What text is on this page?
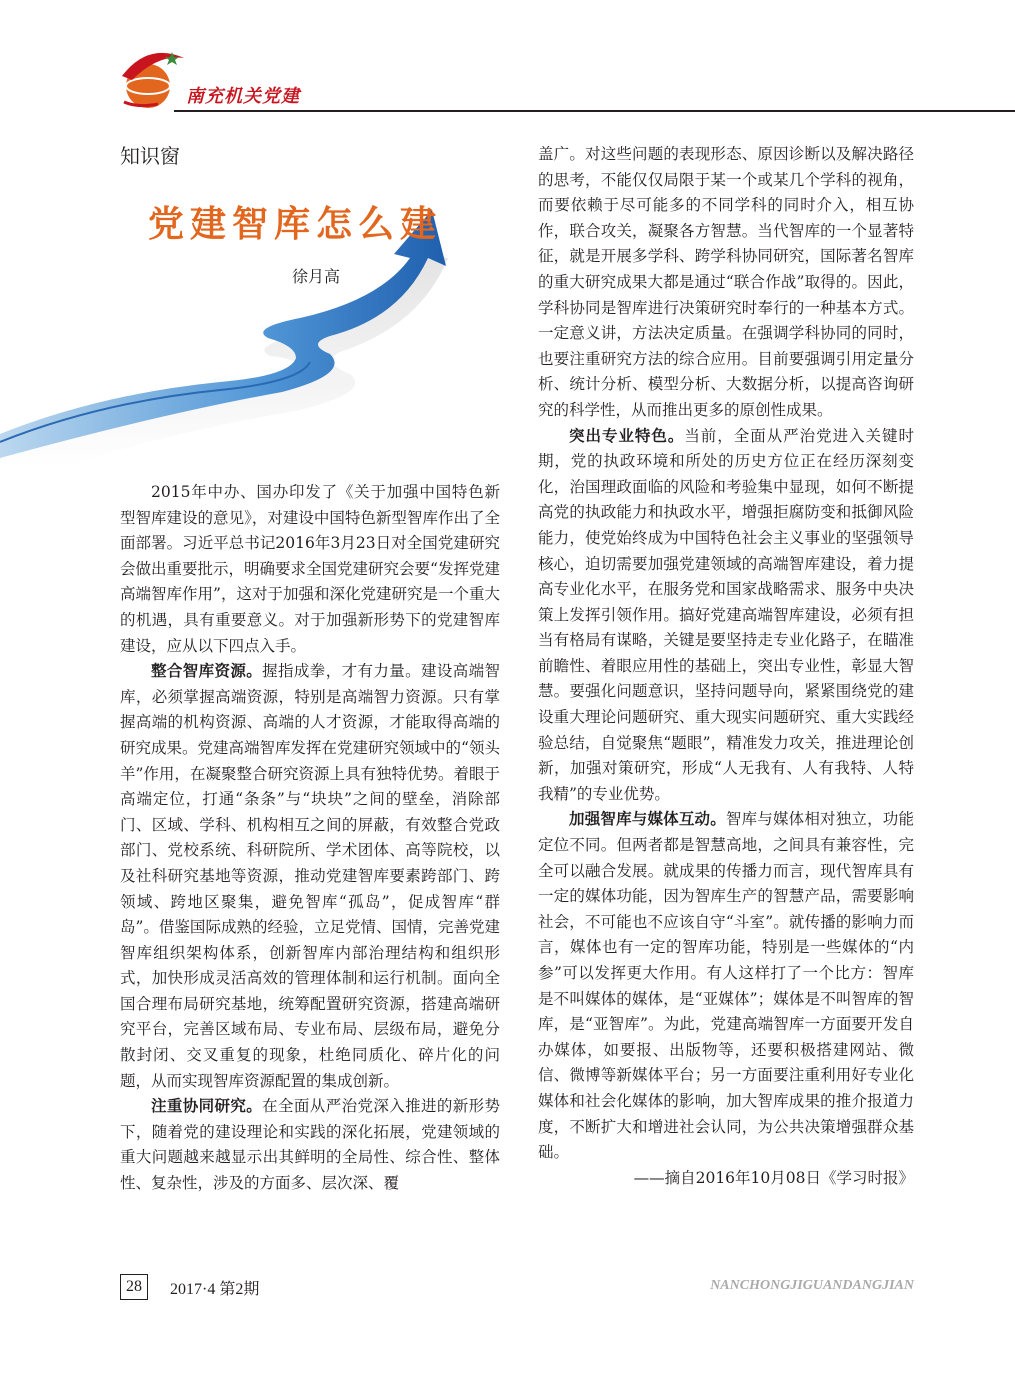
南充机关党建
知识窗
党建智库怎么建
徐月高

2015年中办、国办印发了《关于加强中国特色新型智库建设的意见》，对建设中国特色新型智库作出了全面部署。习近平总书记2016年3月23日对全国党建研究会做出重要批示，明确要求全国党建研究会要“发挥党建高端智库作用”，这对于加强和深化党建研究是一个重大的机遇，具有重要意义。对于加强新形势下的党建智库建设，应从以下四点入手。

整合智库资源。握指成拳，才有力量。建设高端智库，必须掌握高端资源，特别是高端智力资源。只有掌握高端的机构资源、高端的人才资源，才能取得高端的研究成果。党建高端智库发挥在党建研究领域中的“领头羊”作用，在凝聚整合研究资源上具有独特优势。着眼于高端定位，打通“条条”与“块块”之间的壁垒，消除部门、区域、学科、机构相互之间的屏蔽，有效整合党政部门、党校系统、科研院所、学术团体、高等院校，以及社科研究基地等资源，推动党建智库要素跨部门、跨领域、跨地区聚集，避免智库“孤岛”，促成智库“群岛”。借鉴国际成熟的经验，立足党情、国情，完善党建智库组织架构体系，创新智库内部治理结构和组织形式，加快形成灵活高效的管理体制和运行机制。面向全国合理布局研究基地，统筹配置研究资源，搭建高端研究平台，完善区域布局、专业布局、层级布局，避免分散封闭、交叉重复的现象，杜绝同质化、碎片化的问题，从而实现智库资源配置的集成创新。

注重协同研究。在全面从严治党深入推进的新形势下，随着党的建设理论和实践的深化拓展，党建领域的重大问题越来越显示出其鲜明的全局性、综合性、整体性、复杂性，涉及的方面多、层次深、覆

盖广。对这些问题的表现形态、原因诊断以及解决路径的思考，不能仅仅局限于某一个或某几个学科的视角，而要依赖于尽可能多的不同学科的同时介入，相互协作，联合攻关，凝聚各方智慧。当代智库的一个显著特征，就是开展多学科、跨学科协同研究，国际著名智库的重大研究成果大都是通过“联合作战”取得的。因此，学科协同是智库进行决策研究时奉行的一种基本方式。一定意义讲，方法决定质量。在强调学科协同的同时，也要注重研究方法的综合应用。目前要强调引用定量分析、统计分析、模型分析、大数据分析，以提高咨询研究的科学性，从而推出更多的原创性成果。

突出专业特色。当前，全面从严治党进入关键时期，党的执政环境和所处的历史方位正在经历深刻变化，治国理政面临的风险和考验集中显现，如何不断提高党的执政能力和执政水平，增强拒腐防变和抵御风险能力，使党始终成为中国特色社会主义事业的坚强领导核心，迫切需要加强党建领域的高端智库建设，着力提高专业化水平，在服务党和国家战略需求、服务中央决策上发挥引领作用。搞好党建高端智库建设，必须有担当有格局有谋略，关键是要坚持走专业化路子，在瞄准前瞻性、着眼应用性的基础上，突出专业性，彰显大智慧。要强化问题意识，坚持问题导向，紧紧围绕党的建设重大理论问题研究、重大现实问题研究、重大实践经验总结，自觉聚焦“题眼”，精准发力攻关，推进理论创新，加强对策研究，形成“人无我有、人有我特、人特我精”的专业优势。

加强智库与媒体互动。智库与媒体相对独立，功能定位不同。但两者都是智慧高地，之间具有兼容性，完全可以融合发展。就成果的传播力而言，现代智库具有一定的媒体功能，因为智库生产的智慧产品，需要影响社会，不可能也不应该自守“斗室”。就传播的影响力而言，媒体也有一定的智库功能，特别是一些媒体的“内参”可以发挥更大作用。有人这样打了一个比方：智库是不叫媒体的媒体，是“亚媒体”；媒体是不叫智库的智库，是“亚智库”。为此，党建高端智库一方面要开发自办媒体，如要报、出版物等，还要积极搭建网站、微信、微博等新媒体平台；另一方面要注重利用好专业化媒体和社会化媒体的影响，加大智库成果的推介报道力度，不断扩大和增进社会认同，为公共决策增强群众基础。

——摘自2016年10月08日《学习时报》

28	2017·4 第2期	NANCHONGJIGUANDANGJIAN
